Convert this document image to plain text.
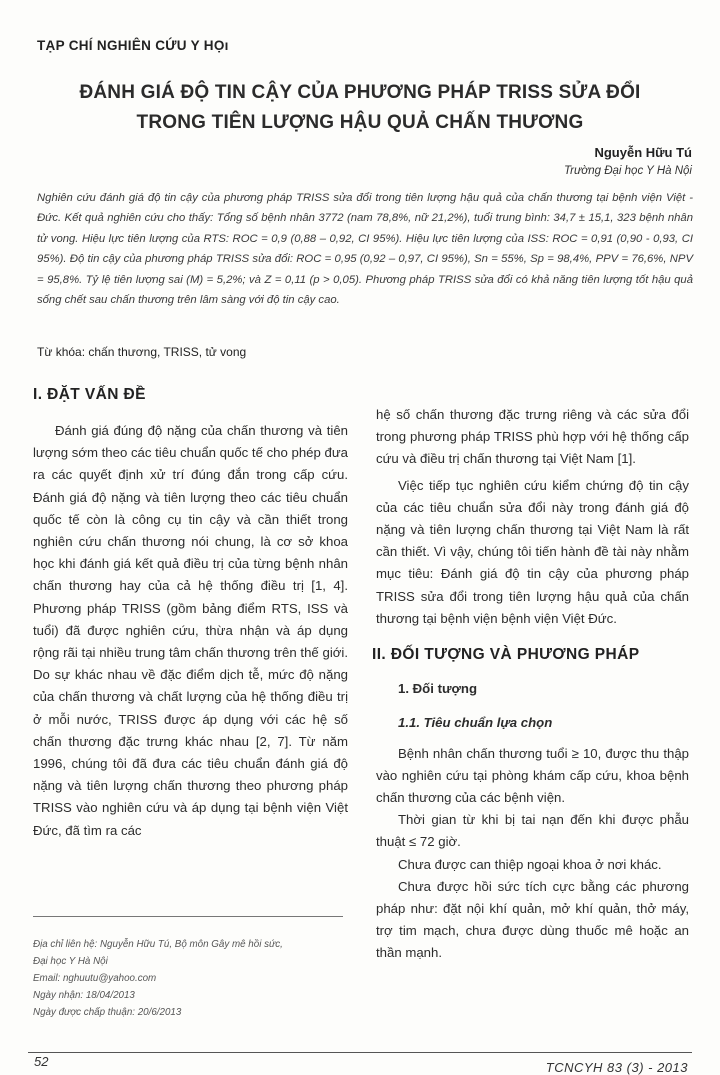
TẠP CHÍ NGHIÊN CỨU Y HỌı
ĐÁNH GIÁ ĐỘ TIN CẬY CỦA PHƯƠNG PHÁP TRISS SỬA ĐỔI
TRONG TIÊN LƯỢNG HẬU QUẢ CHẤN THƯƠNG
Nguyễn Hữu Tú
Trường Đại học Y Hà Nội
Nghiên cứu đánh giá độ tin cậy của phương pháp TRISS sửa đổi trong tiên lượng hậu quả của chấn thương tại bệnh viện Việt - Đức. Kết quả nghiên cứu cho thấy: Tổng số bệnh nhân 3772 (nam 78,8%, nữ 21,2%), tuổi trung bình: 34,7 ± 15,1, 323 bệnh nhân tử vong. Hiệu lực tiên lượng của RTS: ROC = 0,9 (0,88 – 0,92, CI 95%). Hiệu lực tiên lượng của ISS: ROC = 0,91 (0,90 - 0,93, CI 95%). Độ tin cậy của phương pháp TRISS sửa đổi: ROC = 0,95 (0,92 – 0,97, CI 95%), Sn = 55%, Sp = 98,4%, PPV = 76,6%, NPV = 95,8%. Tỷ lệ tiên lượng sai (M) = 5,2%; và Z = 0,11 (p > 0,05). Phương pháp TRISS sửa đổi có khả năng tiên lượng tốt hậu quả sống chết sau chấn thương trên lâm sàng với độ tin cậy cao.
Từ khóa: chấn thương, TRISS, tử vong
I. ĐẶT VẤN ĐỀ

Đánh giá đúng độ nặng của chấn thương và tiên lượng sớm theo các tiêu chuẩn quốc tế cho phép đưa ra các quyết định xử trí đúng đắn trong cấp cứu. Đánh giá độ nặng và tiên lượng theo các tiêu chuẩn quốc tế còn là công cụ tin cậy và cần thiết trong nghiên cứu chấn thương nói chung, là cơ sở khoa học khi đánh giá kết quả điều trị của từng bệnh nhân chấn thương hay của cả hệ thống điều trị [1, 4]. Phương pháp TRISS (gồm bảng điểm RTS, ISS và tuổi) đã được nghiên cứu, thừa nhận và áp dụng rộng rãi tại nhiều trung tâm chấn thương trên thế giới. Do sự khác nhau về đặc điểm dịch tễ, mức độ nặng của chấn thương và chất lượng của hệ thống điều trị ở mỗi nước, TRISS được áp dụng với các hệ số chấn thương đặc trưng khác nhau [2, 7]. Từ năm 1996, chúng tôi đã đưa các tiêu chuẩn đánh giá độ nặng và tiên lượng chấn thương theo phương pháp TRISS vào nghiên cứu và áp dụng tại bệnh viện Việt Đức, đã tìm ra các

hệ số chấn thương đặc trưng riêng và các sửa đổi trong phương pháp TRISS phù hợp với hệ thống cấp cứu và điều trị chấn thương tại Việt Nam [1].

Việc tiếp tục nghiên cứu kiểm chứng độ tin cậy của các tiêu chuẩn sửa đổi này trong đánh giá độ nặng và tiên lượng chấn thương tại Việt Nam là rất cần thiết. Vì vậy, chúng tôi tiến hành đề tài này nhằm mục tiêu: Đánh giá độ tin cậy của phương pháp TRISS sửa đổi trong tiên lượng hậu quả của chấn thương tại bệnh viện bệnh viện Việt Đức.

II. ĐỐI TƯỢNG VÀ PHƯƠNG PHÁP
1. Đối tượng
1.1. Tiêu chuẩn lựa chọn

Bệnh nhân chấn thương tuổi ≥ 10, được thu thập vào nghiên cứu tại phòng khám cấp cứu, khoa bệnh chấn thương của các bệnh viện.

Thời gian từ khi bị tai nạn đến khi được phẫu thuật ≤ 72 giờ.

Chưa được can thiệp ngoại khoa ở nơi khác.

Chưa được hồi sức tích cực bằng các phương pháp như: đặt nội khí quản, mở khí quản, thở máy, trợ tim mạch, chưa được dùng thuốc mê hoặc an thần mạnh.

Địa chỉ liên hệ: Nguyễn Hữu Tú, Bộ môn Gây mê hồi sức,
Đại học Y Hà Nội
Email: nghuutu@yahoo.com
Ngày nhận: 18/04/2013
Ngày được chấp thuận: 20/6/2013
52	TCNCYH 83 (3) - 2013
